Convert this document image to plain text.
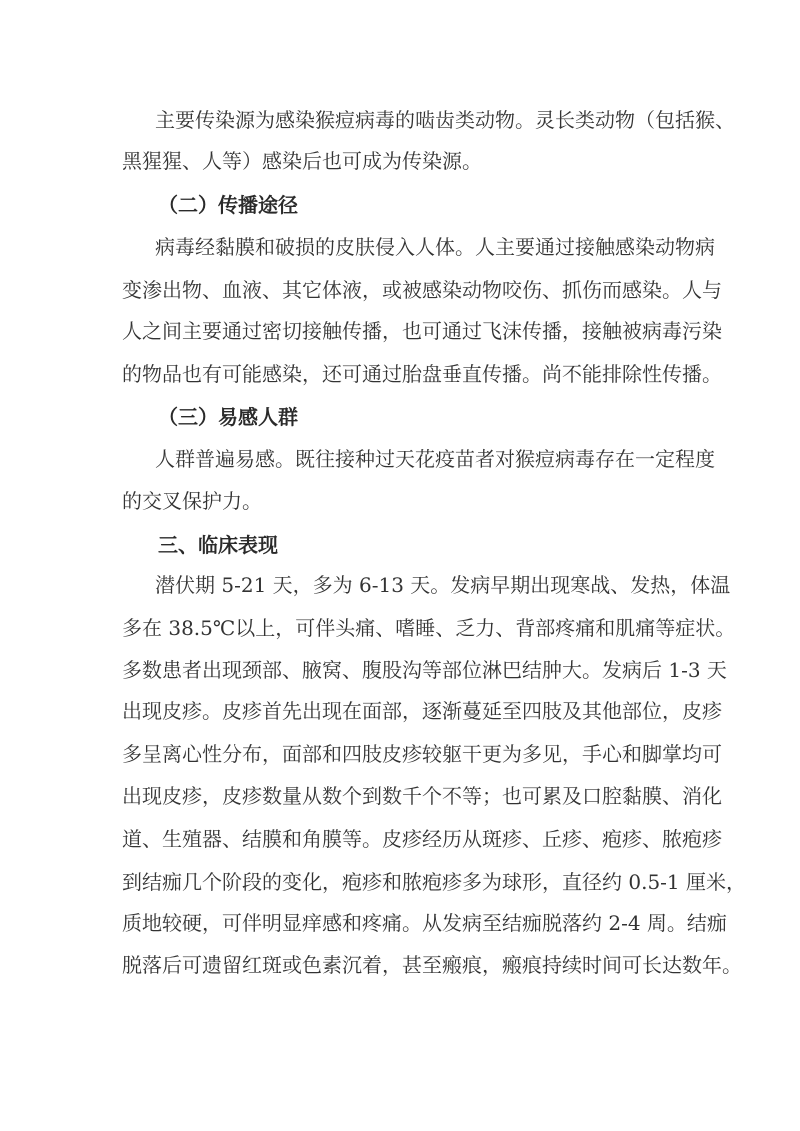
主要传染源为感染猴痘病毒的啮齿类动物。灵长类动物（包括猴、

黑猩猩、人等）感染后也可成为传染源。

（二）传播途径

病毒经黏膜和破损的皮肤侵入人体。人主要通过接触感染动物病

变渗出物、血液、其它体液，或被感染动物咬伤、抓伤而感染。人与

人之间主要通过密切接触传播，也可通过飞沫传播，接触被病毒污染

的物品也有可能感染，还可通过胎盘垂直传播。尚不能排除性传播。

（三）易感人群

人群普遍易感。既往接种过天花疫苗者对猴痘病毒存在一定程度

的交叉保护力。

三、临床表现

潜伏期 5-21 天，多为 6-13 天。发病早期出现寒战、发热，体温

多在 38.5℃以上，可伴头痛、嗜睡、乏力、背部疼痛和肌痛等症状。

多数患者出现颈部、腋窝、腹股沟等部位淋巴结肿大。发病后 1-3 天

出现皮疹。皮疹首先出现在面部，逐渐蔓延至四肢及其他部位，皮疹

多呈离心性分布，面部和四肢皮疹较躯干更为多见，手心和脚掌均可

出现皮疹，皮疹数量从数个到数千个不等；也可累及口腔黏膜、消化

道、生殖器、结膜和角膜等。皮疹经历从斑疹、丘疹、疱疹、脓疱疹

到结痂几个阶段的变化，疱疹和脓疱疹多为球形，直径约 0.5-1 厘米，

质地较硬，可伴明显痒感和疼痛。从发病至结痂脱落约 2-4 周。结痂

脱落后可遗留红斑或色素沉着，甚至瘢痕，瘢痕持续时间可长达数年。
